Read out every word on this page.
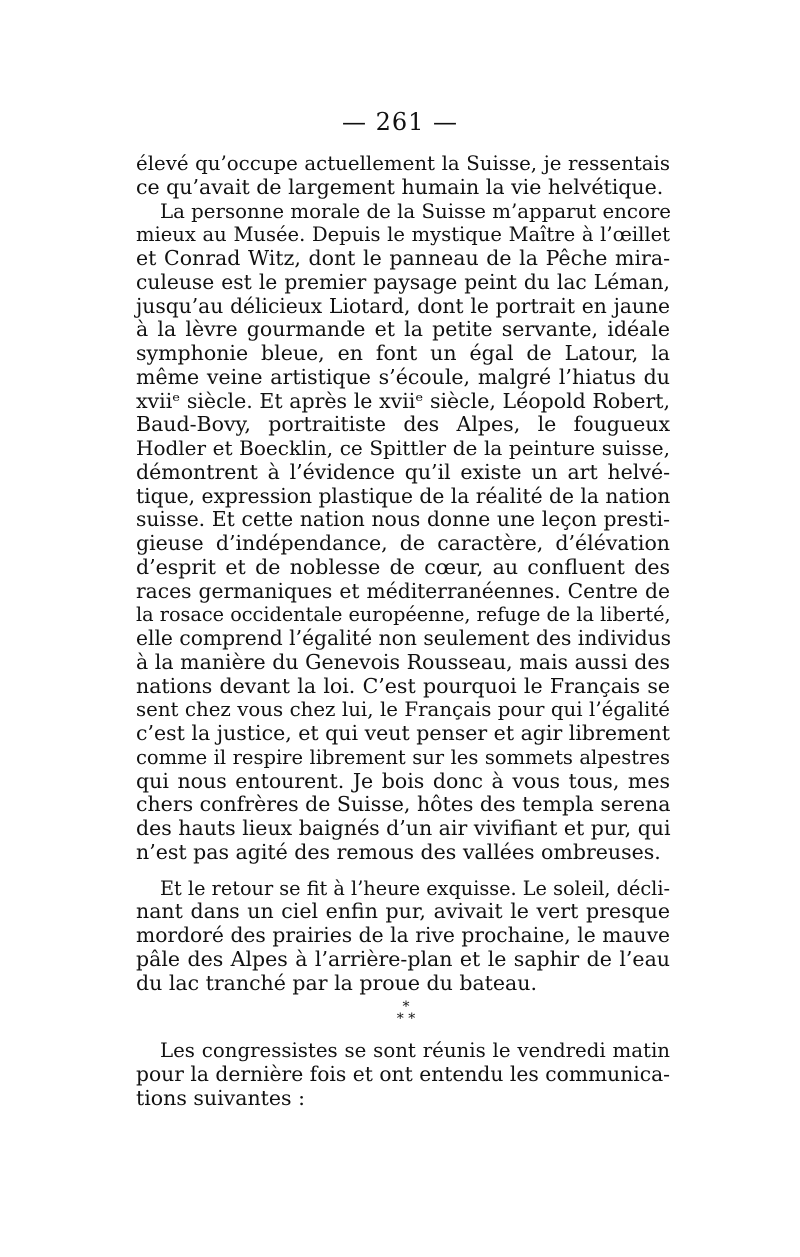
— 261 —
élevé qu’occupe actuellement la Suisse, je ressentais
ce qu’avait de largement humain la vie helvétique.
La personne morale de la Suisse m’apparut encore
mieux au Musée. Depuis le mystique Maître à l’œillet
et Conrad Witz, dont le panneau de la Pêche mira-
culeuse est le premier paysage peint du lac Léman,
jusqu’au délicieux Liotard, dont le portrait en jaune
à la lèvre gourmande et la petite servante, idéale
symphonie bleue, en font un égal de Latour, la
même veine artistique s’écoule, malgré l’hiatus du
xviiᵉ siècle. Et après le xviiᵉ siècle, Léopold Robert,
Baud-Bovy, portraitiste des Alpes, le fougueux
Hodler et Boecklin, ce Spittler de la peinture suisse,
démontrent à l’évidence qu’il existe un art helvé-
tique, expression plastique de la réalité de la nation
suisse. Et cette nation nous donne une leçon presti-
gieuse d’indépendance, de caractère, d’élévation
d’esprit et de noblesse de cœur, au confluent des
races germaniques et méditerranéennes. Centre de
la rosace occidentale européenne, refuge de la liberté,
elle comprend l’égalité non seulement des individus
à la manière du Genevois Rousseau, mais aussi des
nations devant la loi. C’est pourquoi le Français se
sent chez vous chez lui, le Français pour qui l’égalité
c’est la justice, et qui veut penser et agir librement
comme il respire librement sur les sommets alpestres
qui nous entourent. Je bois donc à vous tous, mes
chers confrères de Suisse, hôtes des templa serena
des hauts lieux baignés d’un air vivifiant et pur, qui
n’est pas agité des remous des vallées ombreuses.
Et le retour se fit à l’heure exquisse. Le soleil, décli-
nant dans un ciel enfin pur, avivait le vert presque
mordoré des prairies de la rive prochaine, le mauve
pâle des Alpes à l’arrière-plan et le saphir de l’eau
du lac tranché par la proue du bateau.
*
* *
Les congressistes se sont réunis le vendredi matin
pour la dernière fois et ont entendu les communica-
tions suivantes :
